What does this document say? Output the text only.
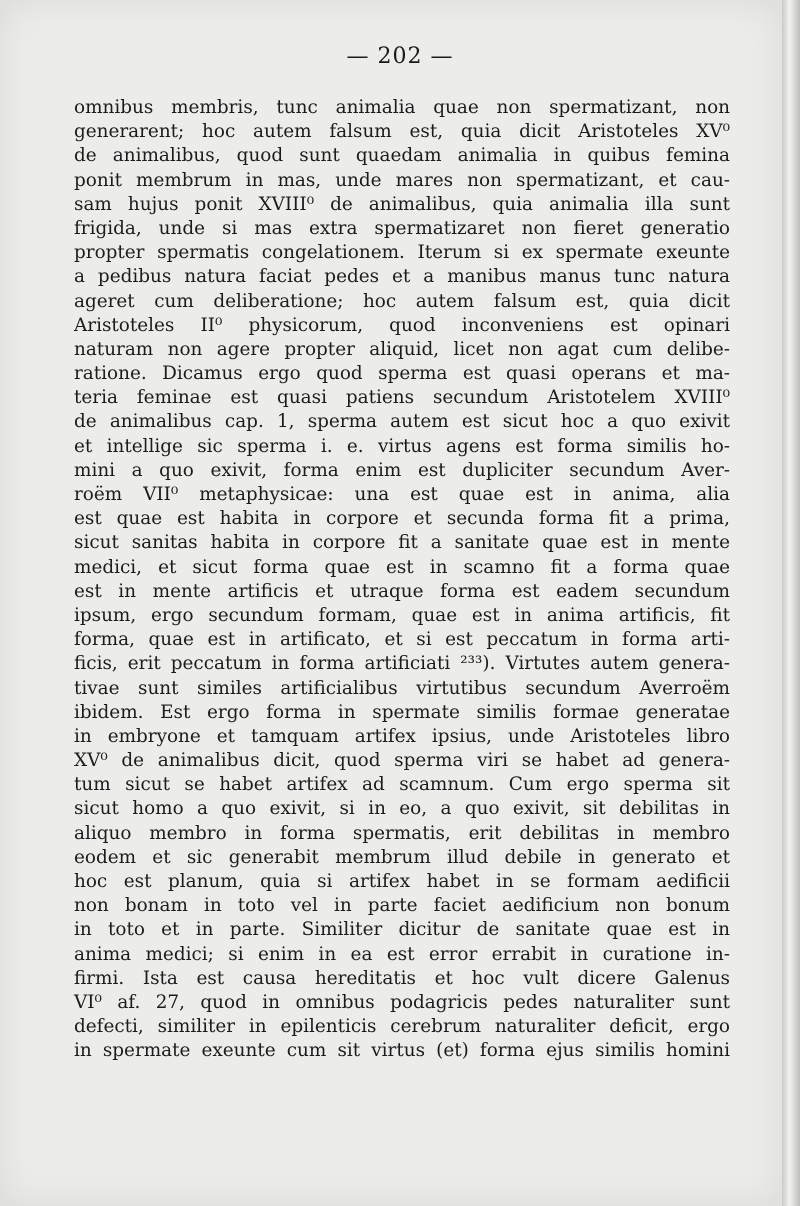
— 202 —
omnibus membris, tunc animalia quae non spermatizant, non
generarent; hoc autem falsum est, quia dicit Aristoteles XV⁰
de animalibus, quod sunt quaedam animalia in quibus femina
ponit membrum in mas, unde mares non spermatizant, et cau-
sam hujus ponit XVIII⁰ de animalibus, quia animalia illa sunt
frigida, unde si mas extra spermatizaret non fieret generatio
propter spermatis congelationem. Iterum si ex spermate exeunte
a pedibus natura faciat pedes et a manibus manus tunc natura
ageret cum deliberatione; hoc autem falsum est, quia dicit
Aristoteles II⁰ physicorum, quod inconveniens est opinari
naturam non agere propter aliquid, licet non agat cum delibe-
ratione. Dicamus ergo quod sperma est quasi operans et ma-
teria feminae est quasi patiens secundum Aristotelem XVIII⁰
de animalibus cap. 1, sperma autem est sicut hoc a quo exivit
et intellige sic sperma i. e. virtus agens est forma similis ho-
mini a quo exivit, forma enim est dupliciter secundum Aver-
roëm VII⁰ metaphysicae: una est quae est in anima, alia
est quae est habita in corpore et secunda forma fit a prima,
sicut sanitas habita in corpore fit a sanitate quae est in mente
medici, et sicut forma quae est in scamno fit a forma quae
est in mente artificis et utraque forma est eadem secundum
ipsum, ergo secundum formam, quae est in anima artificis, fit
forma, quae est in artificato, et si est peccatum in forma arti-
ficis, erit peccatum in forma artificiati ²³³). Virtutes autem genera-
tivae sunt similes artificialibus virtutibus secundum Averroëm
ibidem. Est ergo forma in spermate similis formae generatae
in embryone et tamquam artifex ipsius, unde Aristoteles libro
XV⁰ de animalibus dicit, quod sperma viri se habet ad genera-
tum sicut se habet artifex ad scamnum. Cum ergo sperma sit
sicut homo a quo exivit, si in eo, a quo exivit, sit debilitas in
aliquo membro in forma spermatis, erit debilitas in membro
eodem et sic generabit membrum illud debile in generato et
hoc est planum, quia si artifex habet in se formam aedificii
non bonam in toto vel in parte faciet aedificium non bonum
in toto et in parte. Similiter dicitur de sanitate quae est in
anima medici; si enim in ea est error errabit in curatione in-
firmi. Ista est causa hereditatis et hoc vult dicere Galenus
VI⁰ af. 27, quod in omnibus podagricis pedes naturaliter sunt
defecti, similiter in epilenticis cerebrum naturaliter deficit, ergo
in spermate exeunte cum sit virtus (et) forma ejus similis homini
